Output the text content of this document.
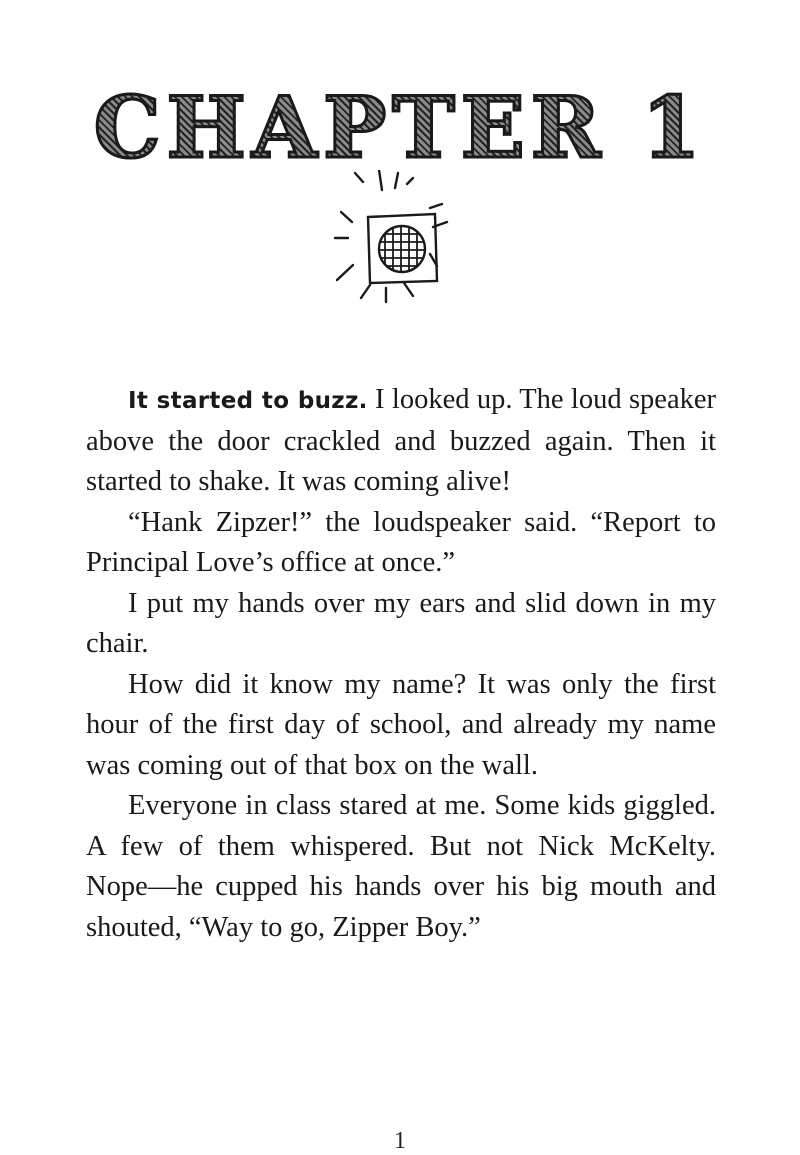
CHAPTER 1

It started to buzz. I looked up. The loud speaker above the door crackled and buzzed again. Then it started to shake. It was coming alive!

“Hank Zipzer!” the loudspeaker said. “Report to Principal Love’s office at once.”

I put my hands over my ears and slid down in my chair.

How did it know my name? It was only the first hour of the first day of school, and already my name was coming out of that box on the wall.

Everyone in class stared at me. Some kids giggled. A few of them whispered. But not Nick McKelty. Nope—he cupped his hands over his big mouth and shouted, “Way to go, Zipper Boy.”

1
